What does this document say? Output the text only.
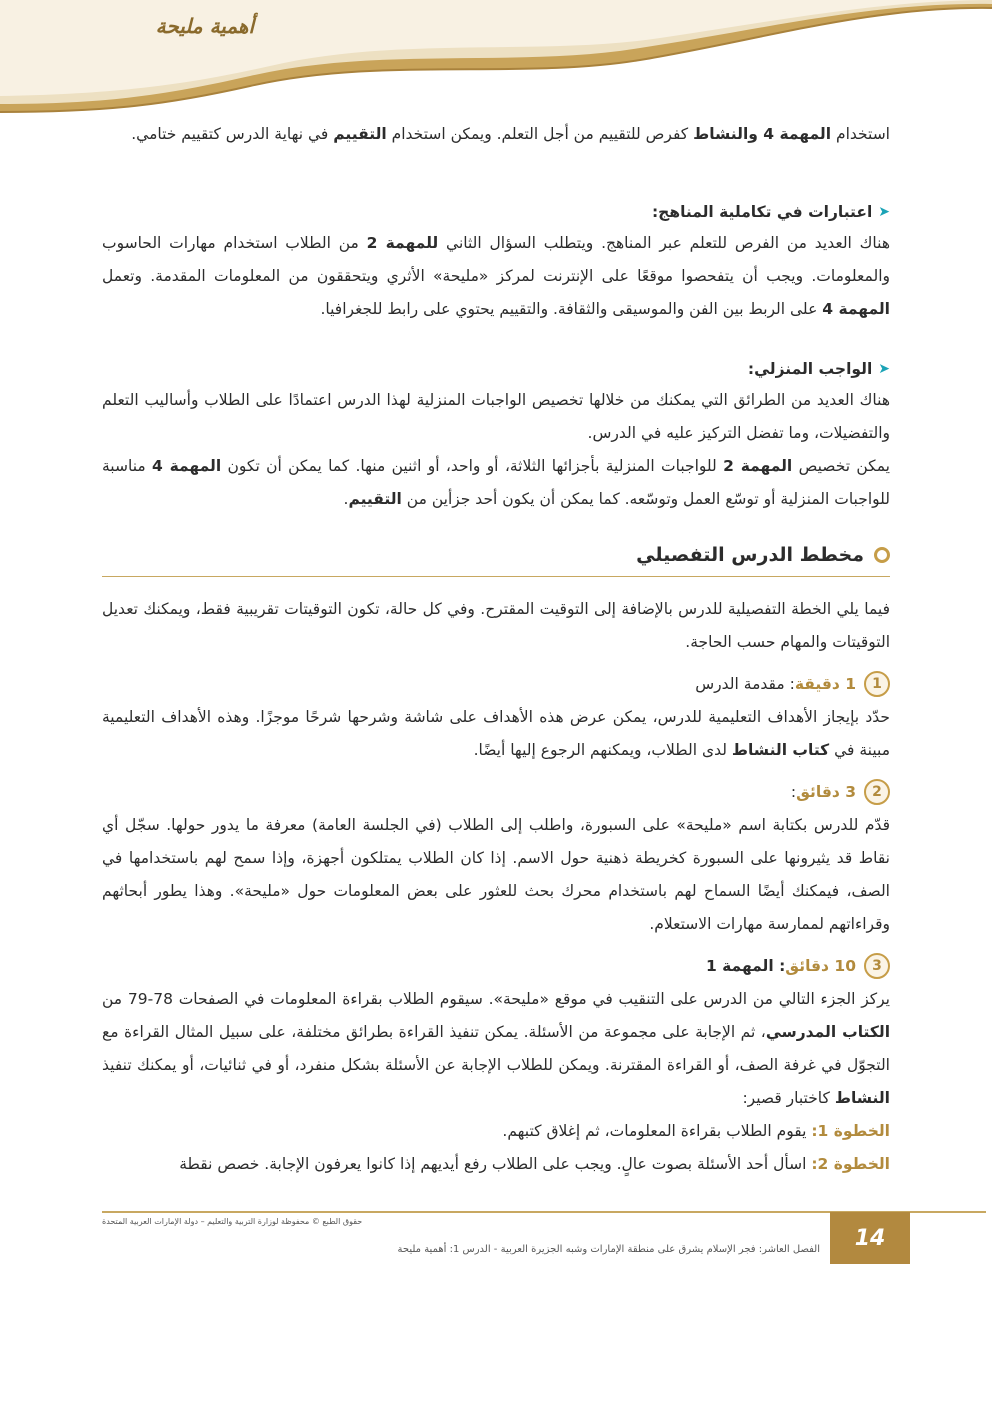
أهمية مليحة

استخدام المهمة 4 والنشاط كفرص للتقييم من أجل التعلم. ويمكن استخدام التقييم في نهاية الدرس كتقييم ختامي.

➤
اعتبارات في تكاملية المناهج:

هناك العديد من الفرص للتعلم عبر المناهج. ويتطلب السؤال الثاني للمهمة 2 من الطلاب استخدام مهارات الحاسوب والمعلومات. ويجب أن يتفحصوا موقعًا على الإنترنت لمركز «مليحة» الأثري ويتحققون من المعلومات المقدمة. وتعمل المهمة 4 على الربط بين الفن والموسيقى والثقافة. والتقييم يحتوي على رابط للجغرافيا.

➤
الواجب المنزلي:

هناك العديد من الطرائق التي يمكنك من خلالها تخصيص الواجبات المنزلية لهذا الدرس اعتمادًا على الطلاب وأساليب التعلم والتفضيلات، وما تفضل التركيز عليه في الدرس.

يمكن تخصيص المهمة 2 للواجبات المنزلية بأجزائها الثلاثة، أو واحد، أو اثنين منها. كما يمكن أن تكون المهمة 4 مناسبة للواجبات المنزلية أو توسّع العمل وتوسّعه. كما يمكن أن يكون أحد جزأين من التقييم.

مخطط الدرس التفصيلي

فيما يلي الخطة التفصيلية للدرس بالإضافة إلى التوقيت المقترح. وفي كل حالة، تكون التوقيتات تقريبية فقط، ويمكنك تعديل التوقيتات والمهام حسب الحاجة.

1
1 دقيقة: مقدمة الدرس

حدّد بإيجاز الأهداف التعليمية للدرس، يمكن عرض هذه الأهداف على شاشة وشرحها شرحًا موجزًا. وهذه الأهداف التعليمية مبينة في كتاب النشاط لدى الطلاب، ويمكنهم الرجوع إليها أيضًا.

2
3 دقائق:

قدّم للدرس بكتابة اسم «مليحة» على السبورة، واطلب إلى الطلاب (في الجلسة العامة) معرفة ما يدور حولها. سجّل أي نقاط قد يثيرونها على السبورة كخريطة ذهنية حول الاسم. إذا كان الطلاب يمتلكون أجهزة، وإذا سمح لهم باستخدامها في الصف، فيمكنك أيضًا السماح لهم باستخدام محرك بحث للعثور على بعض المعلومات حول «مليحة». وهذا يطور أبحاثهم وقراءاتهم لممارسة مهارات الاستعلام.

3
10 دقائق: المهمة 1

يركز الجزء التالي من الدرس على التنقيب في موقع «مليحة». سيقوم الطلاب بقراءة المعلومات في الصفحات 78-79 من الكتاب المدرسي، ثم الإجابة على مجموعة من الأسئلة. يمكن تنفيذ القراءة بطرائق مختلفة، على سبيل المثال القراءة مع التجوّل في غرفة الصف، أو القراءة المقترنة. ويمكن للطلاب الإجابة عن الأسئلة بشكل منفرد، أو في ثنائيات، أو يمكنك تنفيذ النشاط كاختبار قصير:

الخطوة 1: يقوم الطلاب بقراءة المعلومات، ثم إغلاق كتبهم.

الخطوة 2: اسأل أحد الأسئلة بصوت عالٍ. ويجب على الطلاب رفع أيديهم إذا كانوا يعرفون الإجابة. خصص نقطة

14
حقوق الطبع © محفوظة لوزارة التربية والتعليم – دولة الإمارات العربية المتحدة
الفصل العاشر: فجر الإسلام يشرق على منطقة الإمارات وشبه الجزيرة العربية - الدرس 1: أهمية مليحة
